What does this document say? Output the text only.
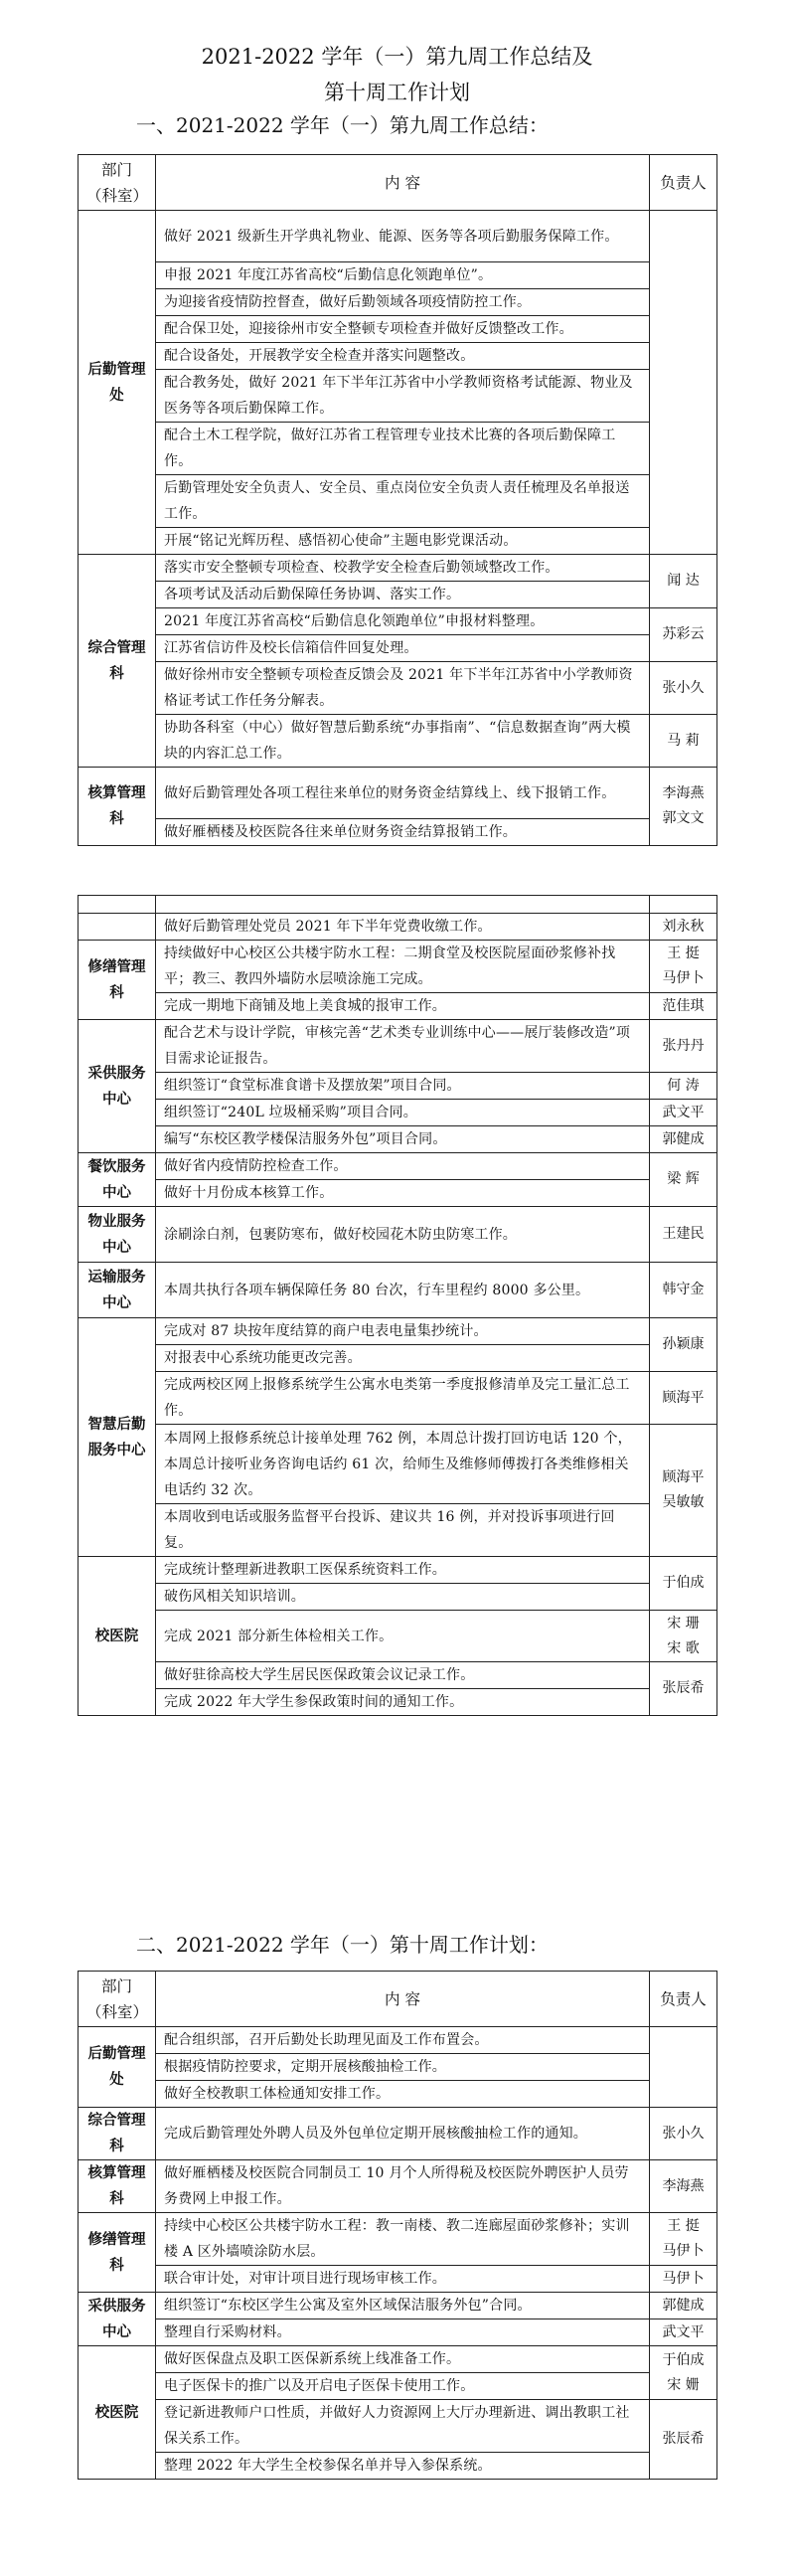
2021-2022 学年（一）第九周工作总结及
第十周工作计划
一、2021-2022 学年（一）第九周工作总结：
部门（科室）	内 容	负责人
后勤管理处	做好 2021 级新生开学典礼物业、能源、医务等各项后勤服务保障工作。	
	申报 2021 年度江苏省高校“后勤信息化领跑单位”。	
	为迎接省疫情防控督查，做好后勤领域各项疫情防控工作。	
	配合保卫处，迎接徐州市安全整顿专项检查并做好反馈整改工作。	
	配合设备处，开展教学安全检查并落实问题整改。	
	配合教务处，做好 2021 年下半年江苏省中小学教师资格考试能源、物业及医务等各项后勤保障工作。	
	配合土木工程学院，做好江苏省工程管理专业技术比赛的各项后勤保障工作。	
	后勤管理处安全负责人、安全员、重点岗位安全负责人责任梳理及名单报送工作。	
	开展“铭记光辉历程、感悟初心使命”主题电影党课活动。	
综合管理科	落实市安全整顿专项检查、校教学安全检查后勤领域整改工作。	闻 达
	各项考试及活动后勤保障任务协调、落实工作。	
	2021 年度江苏省高校“后勤信息化领跑单位”申报材料整理。	苏彩云
	江苏省信访件及校长信箱信件回复处理。	
	做好徐州市安全整顿专项检查反馈会及 2021 年下半年江苏省中小学教师资格证考试工作任务分解表。	张小久
	协助各科室（中心）做好智慧后勤系统“办事指南”、“信息数据查询”两大模块的内容汇总工作。	马 莉
核算管理科	做好后勤管理处各项工程往来单位的财务资金结算线上、线下报销工作。	李海燕
郭文文

	做好雁栖楼及校医院各往来单位财务资金结算报销工作。	

	做好后勤管理处党员 2021 年下半年党费收缴工作。	刘永秋
修缮管理科	持续做好中心校区公共楼宇防水工程：二期食堂及校医院屋面砂浆修补找平；教三、教四外墙防水层喷涂施工完成。	王 挺
马伊卜

	完成一期地下商铺及地上美食城的报审工作。	范佳琪
采供服务中心	配合艺术与设计学院，审核完善“艺术类专业训练中心——展厅装修改造”项目需求论证报告。	张丹丹
	组织签订“食堂标准食谱卡及摆放架”项目合同。	何 涛
	组织签订“240L 垃圾桶采购”项目合同。	武文平
	编写“东校区教学楼保洁服务外包”项目合同。	郭健成
餐饮服务中心	做好省内疫情防控检查工作。	梁 辉
	做好十月份成本核算工作。	
物业服务中心	涂刷涂白剂，包裹防寒布，做好校园花木防虫防寒工作。	王建民
运输服务中心	本周共执行各项车辆保障任务 80 台次，行车里程约 8000 多公里。	韩守金
智慧后勤服务中心	完成对 87 块按年度结算的商户电表电量集抄统计。	孙颖康
	对报表中心系统功能更改完善。	
	完成两校区网上报修系统学生公寓水电类第一季度报修清单及完工量汇总工作。	顾海平
	本周网上报修系统总计接单处理 762 例，本周总计拨打回访电话 120 个，本周总计接听业务咨询电话约 61 次，给师生及维修师傅拨打各类维修相关电话约 32 次。	顾海平
吴敏敏

	本周收到电话或服务监督平台投诉、建议共 16 例，并对投诉事项进行回复。	
校医院	完成统计整理新进教职工医保系统资料工作。	于伯成
	破伤风相关知识培训。	
	完成 2021 部分新生体检相关工作。	宋 珊
宋 歌

	做好驻徐高校大学生居民医保政策会议记录工作。	张辰希
	完成 2022 年大学生参保政策时间的通知工作。	
二、2021-2022 学年（一）第十周工作计划：
部门（科室）	内 容	负责人
后勤管理处	配合组织部，召开后勤处长助理见面及工作布置会。	
	根据疫情防控要求，定期开展核酸抽检工作。	
	做好全校教职工体检通知安排工作。	
综合管理科	完成后勤管理处外聘人员及外包单位定期开展核酸抽检工作的通知。	张小久
核算管理科	做好雁栖楼及校医院合同制员工 10 月个人所得税及校医院外聘医护人员劳务费网上申报工作。	李海燕
修缮管理科	持续中心校区公共楼宇防水工程：教一南楼、教二连廊屋面砂浆修补；实训楼 A 区外墙喷涂防水层。	王 挺
马伊卜

	联合审计处，对审计项目进行现场审核工作。	马伊卜
采供服务中心	组织签订“东校区学生公寓及室外区域保洁服务外包”合同。	郭健成
	整理自行采购材料。	武文平
校医院	做好医保盘点及职工医保新系统上线准备工作。	于伯成
宋 姗

	电子医保卡的推广以及开启电子医保卡使用工作。	
	登记新进教师户口性质，并做好人力资源网上大厅办理新进、调出教职工社保关系工作。	张辰希
	整理 2022 年大学生全校参保名单并导入参保系统。	
